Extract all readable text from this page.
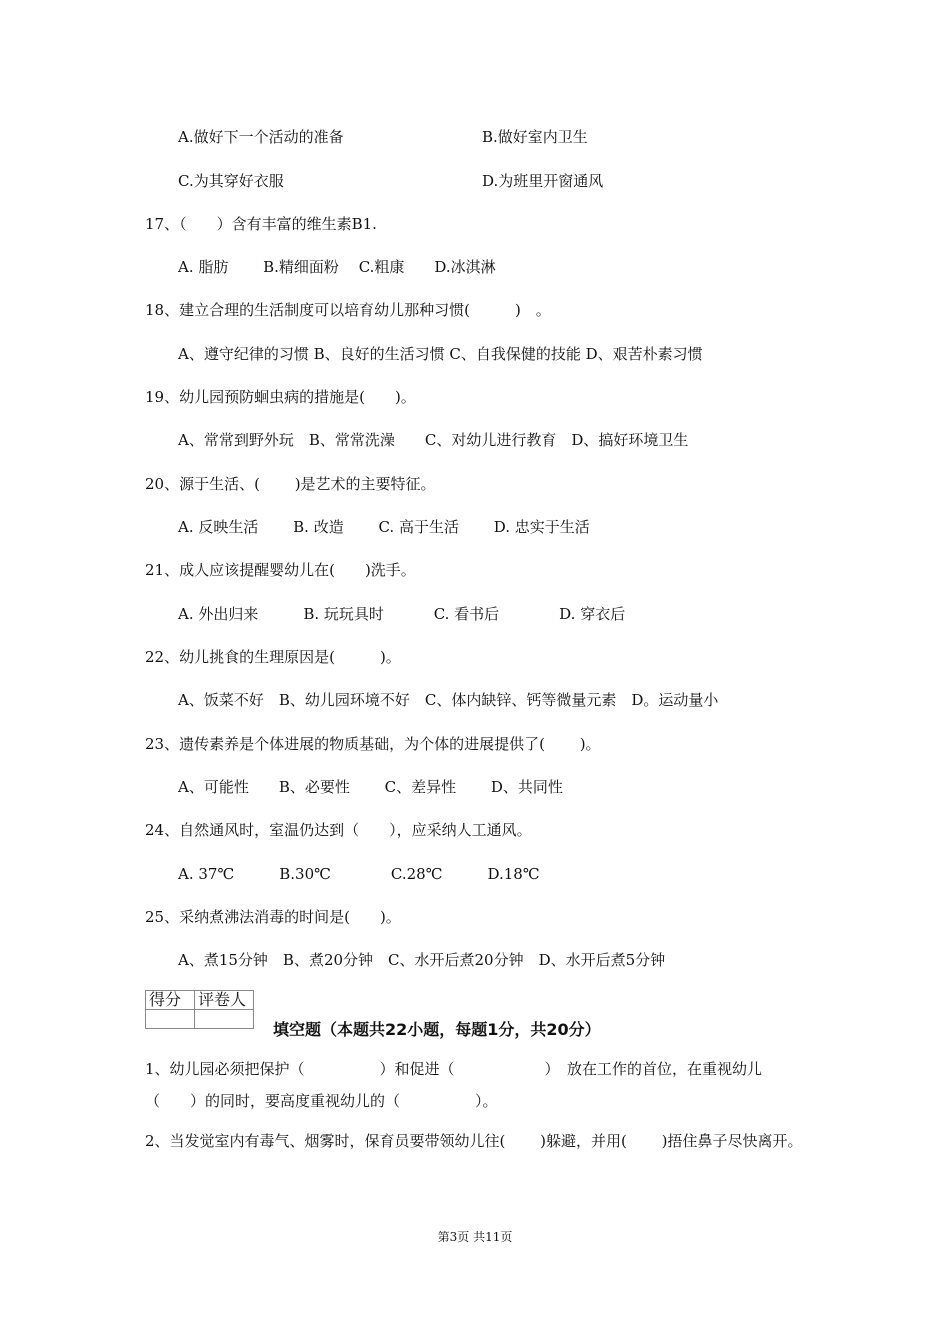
A.做好下一个活动的准备	B.做好室内卫生
C.为其穿好衣服	D.为班里开窗通风
17、（　　）含有丰富的维生素B1.
A. 脂肪　　 B.精细面粉　 C.粗康　　D.冰淇淋
18、建立合理的生活制度可以培育幼儿那种习惯(　　　)　。
A、遵守纪律的习惯 B、良好的生活习惯 C、自我保健的技能 D、艰苦朴素习惯
19、幼儿园预防蛔虫病的措施是(　　)。
A、常常到野外玩　B、常常洗澡　　C、对幼儿进行教育　D、搞好环境卫生
20、源于生活、(　　 )是艺术的主要特征。
A. 反映生活　　 B. 改造　　 C. 高于生活　　 D. 忠实于生活
21、成人应该提醒婴幼儿在(　　)洗手。
A. 外出归来　　　B. 玩玩具时　　　 C. 看书后　　　　D. 穿衣后
22、幼儿挑食的生理原因是(　　　)。
A、饭菜不好　B、幼儿园环境不好　C、体内缺锌、钙等微量元素　D。运动量小
23、遗传素养是个体进展的物质基础，为个体的进展提供了(　　 )。
A、可能性　　B、必要性　　 C、差异性　　 D、共同性
24、自然通风时，室温仍达到（　　），应采纳人工通风。
A. 37℃　　　B.30℃　　　　C.28℃　　　D.18℃
25、采纳煮沸法消毒的时间是(　　)。
A、煮15分钟　B、煮20分钟　C、水开后煮20分钟　D、水开后煮5分钟
得分	评卷人

填空题（本题共22小题，每题1分，共20分）
1、幼儿园必须把保护（　　　　　）和促进（　　　　　　）　放在工作的首位，在重视幼儿（　　）的同时，要高度重视幼儿的（　　　　　）。
2、当发觉室内有毒气、烟雾时，保育员要带领幼儿往(　　 )躲避，并用(　　 )捂住鼻子尽快离开。
第3页 共11页
